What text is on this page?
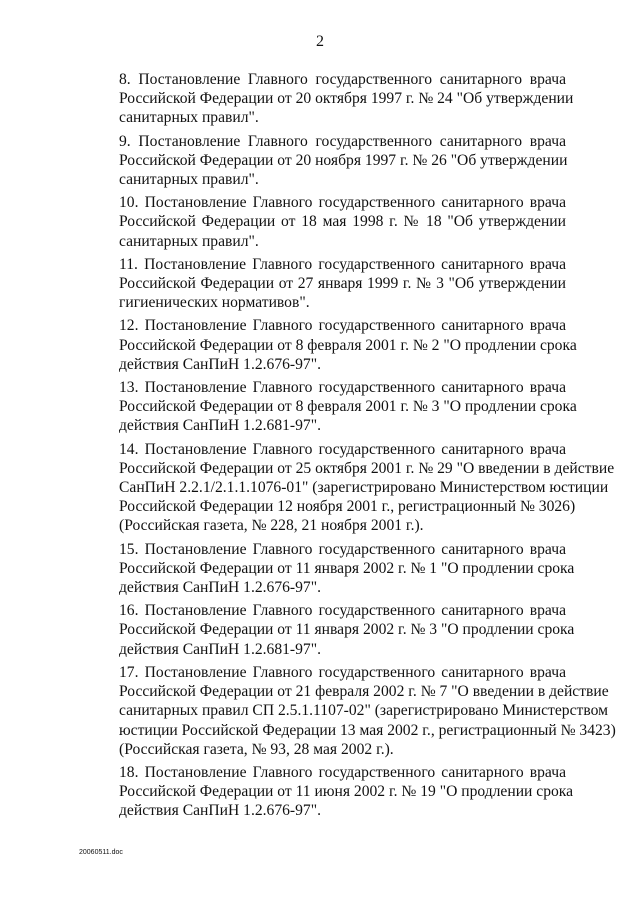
2
8. Постановление Главного государственного санитарного врача
Российской Федерации от 20 октября 1997 г. № 24 "Об утверждении
санитарных правил".
9. Постановление Главного государственного санитарного врача
Российской Федерации от 20 ноября 1997 г. № 26 "Об утверждении
санитарных правил".
10. Постановление Главного государственного санитарного врача
Российской Федерации от 18 мая 1998 г. № 18 "Об утверждении
санитарных правил".
11. Постановление Главного государственного санитарного врача
Российской Федерации от 27 января 1999 г. № 3 "Об утверждении
гигиенических нормативов".
12. Постановление Главного государственного санитарного врача
Российской Федерации от 8 февраля 2001 г. № 2 "О продлении срока
действия СанПиН 1.2.676-97".
13. Постановление Главного государственного санитарного врача
Российской Федерации от 8 февраля 2001 г. № 3 "О продлении срока
действия СанПиН 1.2.681-97".
14. Постановление Главного государственного санитарного врача
Российской Федерации от 25 октября 2001 г. № 29 "О введении в действие
СанПиН 2.2.1/2.1.1.1076-01" (зарегистрировано Министерством юстиции
Российской Федерации 12 ноября 2001 г., регистрационный № 3026)
(Российская газета, № 228, 21 ноября 2001 г.).
15. Постановление Главного государственного санитарного врача
Российской Федерации от 11 января 2002 г. № 1 "О продлении срока
действия СанПиН 1.2.676-97".
16. Постановление Главного государственного санитарного врача
Российской Федерации от 11 января 2002 г. № 3 "О продлении срока
действия СанПиН 1.2.681-97".
17. Постановление Главного государственного санитарного врача
Российской Федерации от 21 февраля 2002 г. № 7 "О введении в действие
санитарных правил СП 2.5.1.1107-02" (зарегистрировано Министерством
юстиции Российской Федерации 13 мая 2002 г., регистрационный № 3423)
(Российская газета, № 93, 28 мая 2002 г.).
18. Постановление Главного государственного санитарного врача
Российской Федерации от 11 июня 2002 г. № 19 "О продлении срока
действия СанПиН 1.2.676-97".
20060511.doc
